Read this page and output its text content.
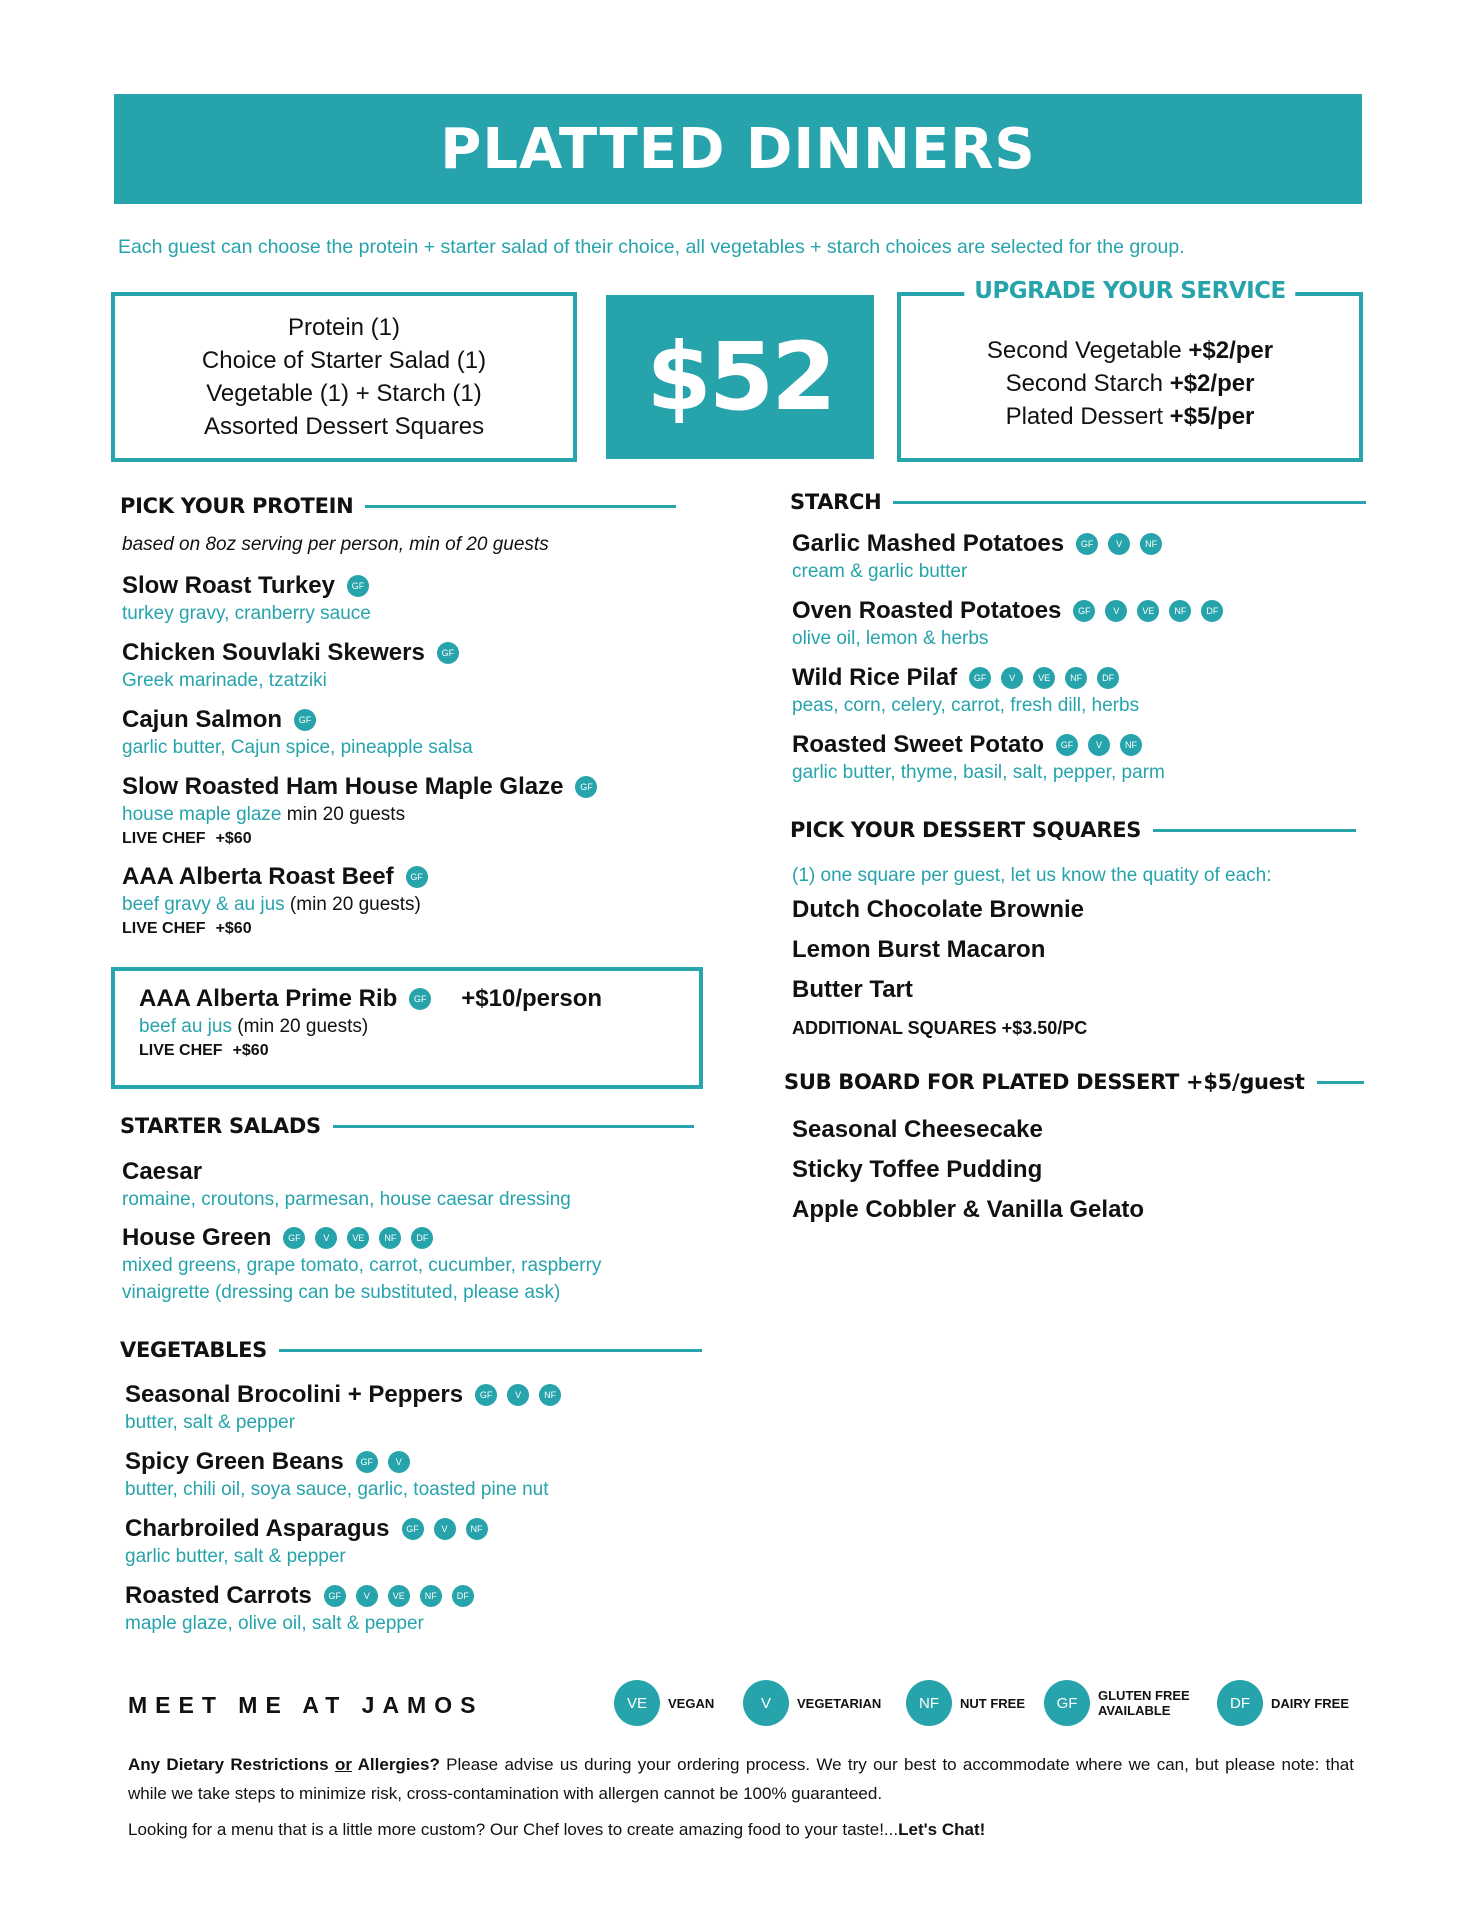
PLATTED DINNERS
Each guest can choose the protein + starter salad of their choice, all vegetables + starch choices are selected for the group.
Protein (1)
Choice of Starter Salad (1)
Vegetable (1) + Starch (1)
Assorted Dessert Squares $52
UPGRADE YOUR SERVICE
Second Vegetable +$2/per
Second Starch +$2/per
Plated Dessert +$5/per
PICK YOUR PROTEIN
based on 8oz serving per person, min of 20 guests
Slow Roast Turkey	GF
turkey gravy, cranberry sauce
Chicken Souvlaki Skewers	GF
Greek marinade, tzatziki
Cajun Salmon	GF
garlic butter, Cajun spice, pineapple salsa
Slow Roasted Ham House Maple Glaze	GF
house maple glaze min 20 guests
LIVE CHEF +$60
AAA Alberta Roast Beef	GF
beef gravy & au jus (min 20 guests)
LIVE CHEF +$60
AAA Alberta Prime Rib	GF +$10/person
beef au jus (min 20 guests)
LIVE CHEF +$60
STARTER SALADS
Caesar
romaine, croutons, parmesan, house caesar dressing
House Green	GF	V	VE	NF	DF
mixed greens, grape tomato, carrot, cucumber, raspberry
vinaigrette (dressing can be substituted, please ask)
VEGETABLES
Seasonal Brocolini + Peppers	GF	V	NF
butter, salt & pepper
Spicy Green Beans	GF	V
butter, chili oil, soya sauce, garlic, toasted pine nut
Charbroiled Asparagus	GF	V	NF
garlic butter, salt & pepper
Roasted Carrots	GF	V	VE	NF	DF
maple glaze, olive oil, salt & pepper
STARCH
Garlic Mashed Potatoes	GF	V	NF
cream & garlic butter
Oven Roasted Potatoes	GF	V	VE	NF	DF
olive oil, lemon & herbs
Wild Rice Pilaf	GF	V	VE	NF	DF
peas, corn, celery, carrot, fresh dill, herbs
Roasted Sweet Potato	GF	V	NF
garlic butter, thyme, basil, salt, pepper, parm
PICK YOUR DESSERT SQUARES
(1) one square per guest, let us know the quatity of each:
Dutch Chocolate Brownie
Lemon Burst Macaron
Butter Tart
ADDITIONAL SQUARES +$3.50/PC
SUB BOARD FOR PLATED DESSERT +$5/guest
Seasonal Cheesecake
Sticky Toffee Pudding
Apple Cobbler & Vanilla Gelato
MEET ME AT JAMOS	VE	VEGAN	V	VEGETARIAN	NF	NUT FREE	GF	GLUTEN FREE
AVAILABLE	DF	DAIRY FREE
Any Dietary Restrictions or Allergies? Please advise us during your ordering process. We try our best to accommodate where we can, but please note: that while we take steps to minimize risk, cross-contamination with allergen cannot be 100% guaranteed.
Looking for a menu that is a little more custom? Our Chef loves to create amazing food to your taste!...Let's Chat!
